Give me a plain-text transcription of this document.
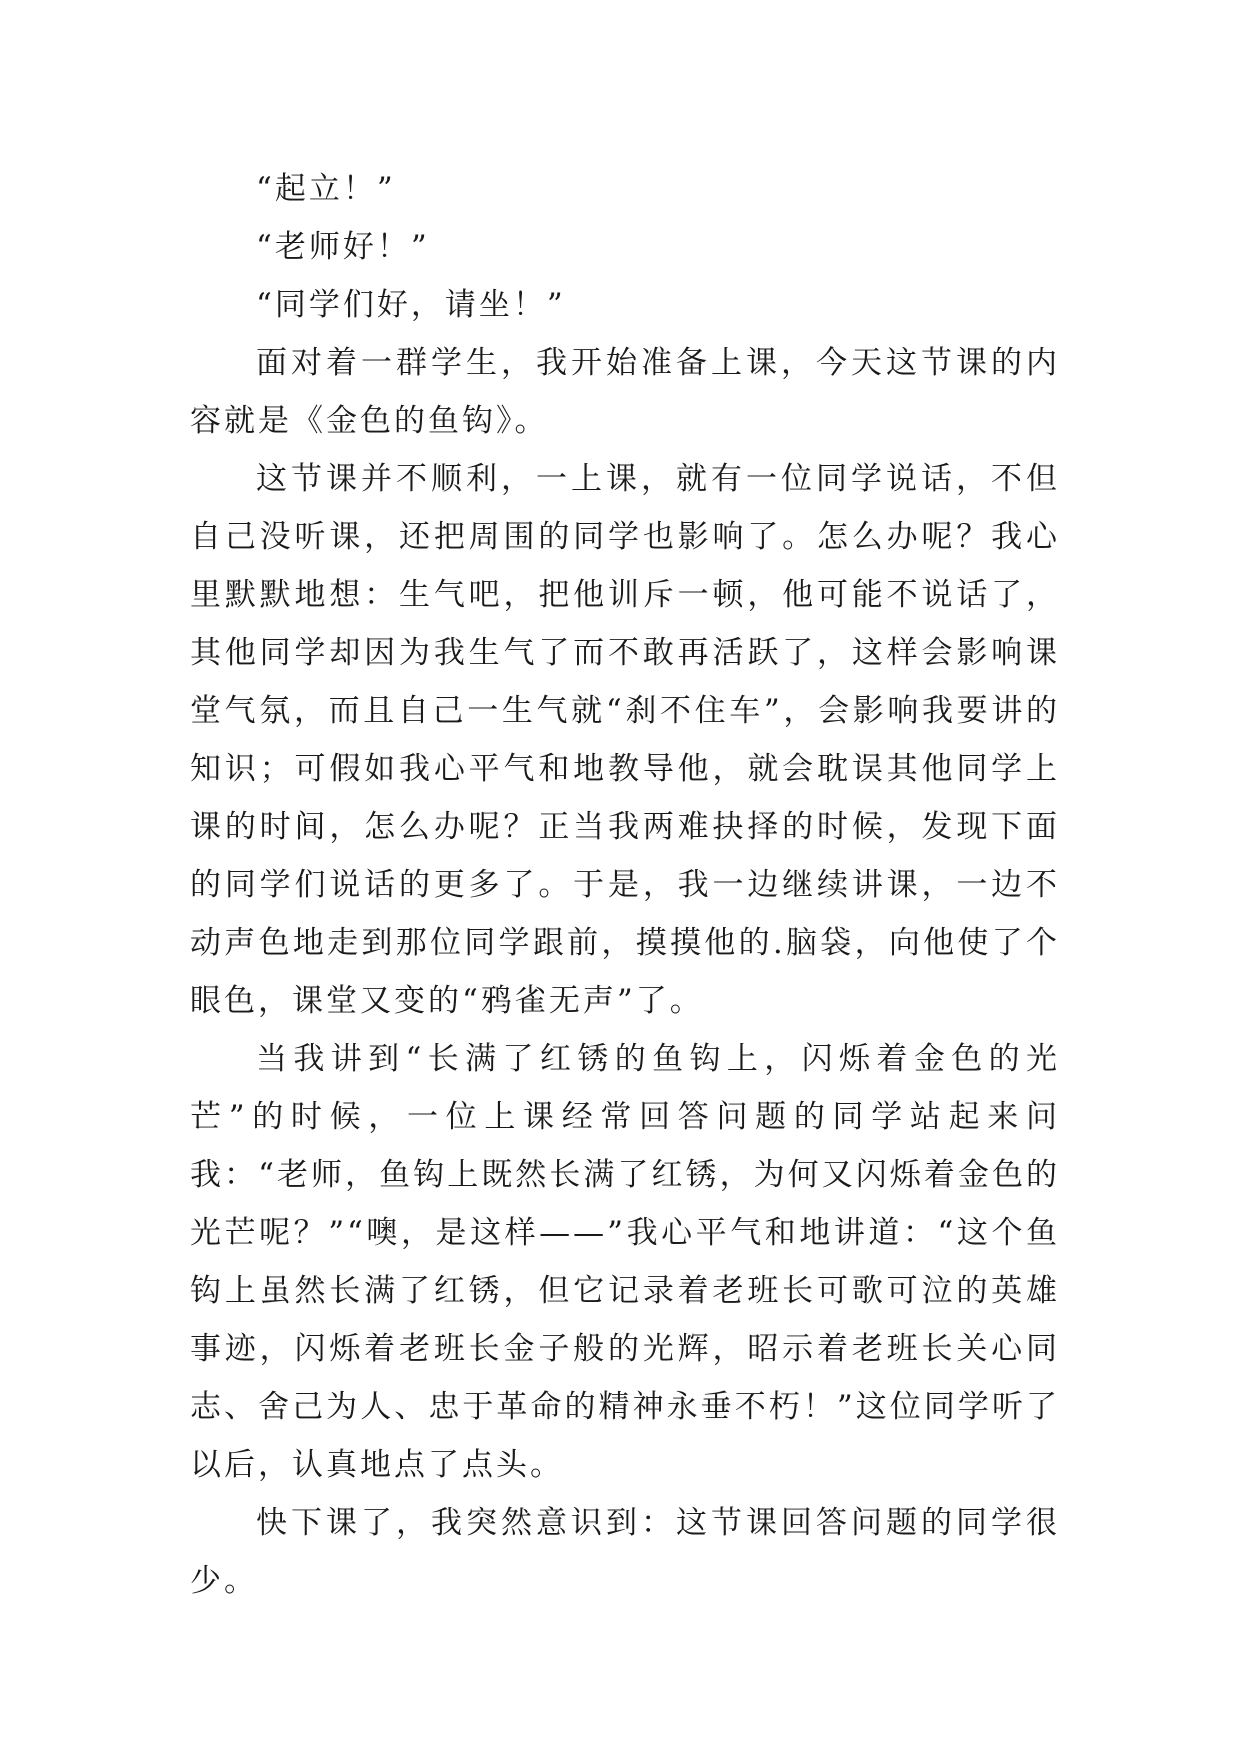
“起立！”

“老师好！”

“同学们好，请坐！”

面对着一群学生，我开始准备上课，今天这节课的内容就是《金色的鱼钩》。

这节课并不顺利，一上课，就有一位同学说话，不但自己没听课，还把周围的同学也影响了。怎么办呢？我心里默默地想：生气吧，把他训斥一顿，他可能不说话了，其他同学却因为我生气了而不敢再活跃了，这样会影响课堂气氛，而且自己一生气就“刹不住车”，会影响我要讲的知识；可假如我心平气和地教导他，就会耽误其他同学上课的时间，怎么办呢？正当我两难抉择的时候，发现下面的同学们说话的更多了。于是，我一边继续讲课，一边不动声色地走到那位同学跟前，摸摸他的.脑袋，向他使了个眼色，课堂又变的“鸦雀无声”了。

当我讲到“长满了红锈的鱼钩上，闪烁着金色的光芒”的时候，一位上课经常回答问题的同学站起来问我：“老师，鱼钩上既然长满了红锈，为何又闪烁着金色的光芒呢？”“噢，是这样——”我心平气和地讲道：“这个鱼钩上虽然长满了红锈，但它记录着老班长可歌可泣的英雄事迹，闪烁着老班长金子般的光辉，昭示着老班长关心同志、舍己为人、忠于革命的精神永垂不朽！”这位同学听了以后，认真地点了点头。

快下课了，我突然意识到：这节课回答问题的同学很少。
